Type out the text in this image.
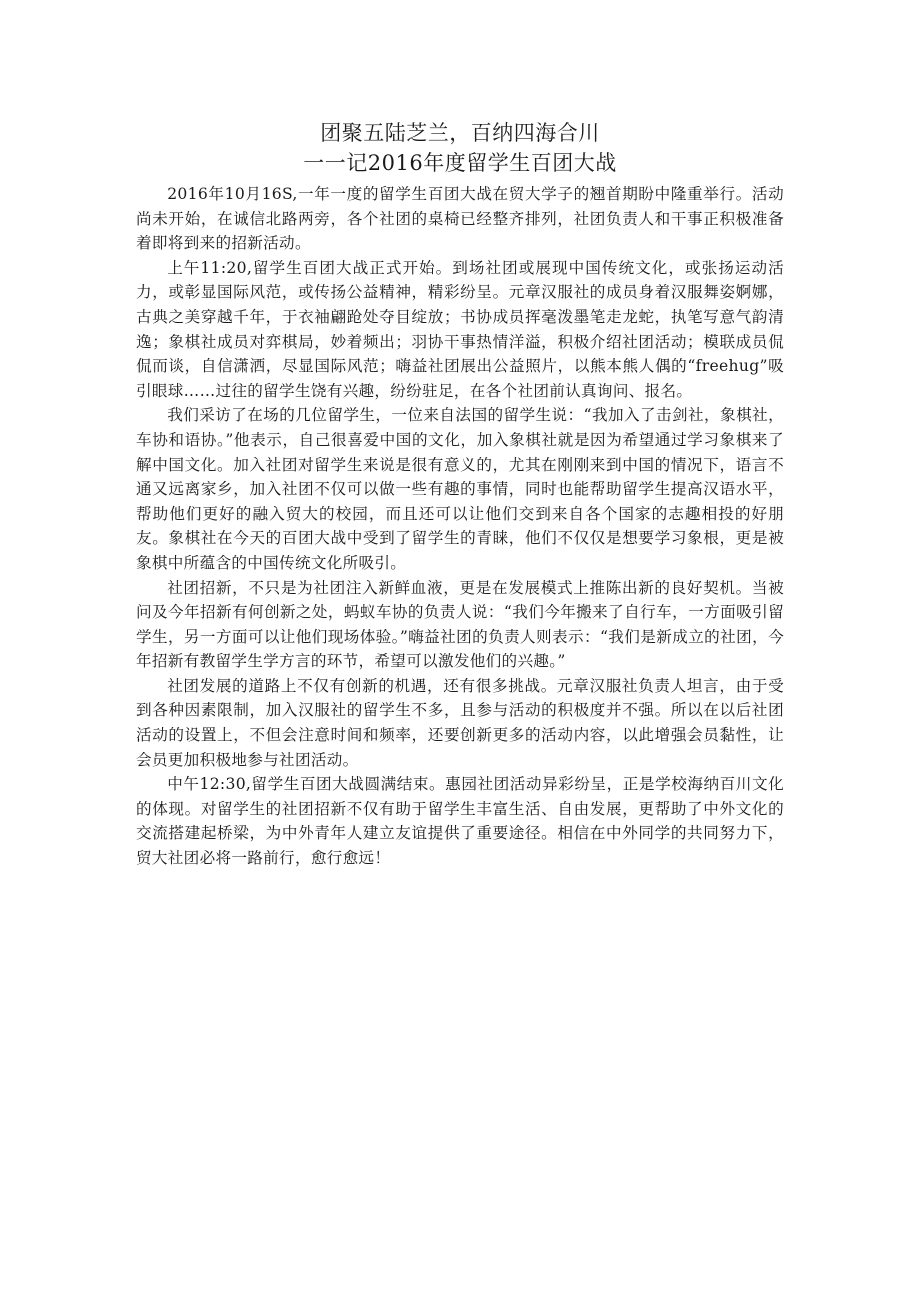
团聚五陆芝兰，百纳四海合川
一一记2016年度留学生百团大战

2016年10月16S,一年一度的留学生百团大战在贸大学子的翘首期盼中隆重举行。活动尚未开始，在诚信北路两旁，各个社团的桌椅已经整齐排列，社团负责人和干事正积极准备着即将到来的招新活动。

上午11:20,留学生百团大战正式开始。到场社团或展现中国传统文化，或张扬运动活力，或彰显国际风范，或传扬公益精神，精彩纷呈。元章汉服社的成员身着汉服舞姿婀娜，古典之美穿越千年，于衣袖翩跄处夺目绽放；书协成员挥毫泼墨笔走龙蛇，执笔写意气韵清逸；象棋社成员对弈棋局，妙着频出；羽协干事热情洋溢，积极介绍社团活动；模联成员侃侃而谈，自信潇洒，尽显国际风范；嗨益社团展出公益照片，以熊本熊人偶的“freehug”吸引眼球……过往的留学生饶有兴趣，纷纷驻足，在各个社团前认真询问、报名。

我们采访了在场的几位留学生，一位来自法国的留学生说：“我加入了击剑社，象棋社，车协和语协。”他表示，自己很喜爱中国的文化，加入象棋社就是因为希望通过学习象棋来了解中国文化。加入社团对留学生来说是很有意义的，尤其在刚刚来到中国的情况下，语言不通又远离家乡，加入社团不仅可以做一些有趣的事情，同时也能帮助留学生提高汉语水平，帮助他们更好的融入贸大的校园，而且还可以让他们交到来自各个国家的志趣相投的好朋友。象棋社在今天的百团大战中受到了留学生的青睐，他们不仅仅是想要学习象根，更是被象棋中所蕴含的中国传统文化所吸引。

社团招新，不只是为社团注入新鲜血液，更是在发展模式上推陈出新的良好契机。当被问及今年招新有何创新之处，蚂蚁车协的负责人说：“我们今年搬来了自行车，一方面吸引留学生，另一方面可以让他们现场体验。”嗨益社团的负责人则表示：“我们是新成立的社团，今年招新有教留学生学方言的环节，希望可以激发他们的兴趣。”

社团发展的道路上不仅有创新的机遇，还有很多挑战。元章汉服社负责人坦言，由于受到各种因素限制，加入汉服社的留学生不多，且参与活动的积极度并不强。所以在以后社团活动的设置上，不但会注意时间和频率，还要创新更多的活动内容，以此增强会员黏性，让会员更加积极地参与社团活动。

中午12:30,留学生百团大战圆满结束。惠园社团活动异彩纷呈，正是学校海纳百川文化的体现。对留学生的社团招新不仅有助于留学生丰富生活、自由发展，更帮助了中外文化的交流搭建起桥梁，为中外青年人建立友谊提供了重要途径。相信在中外同学的共同努力下，贸大社团必将一路前行，愈行愈远！
